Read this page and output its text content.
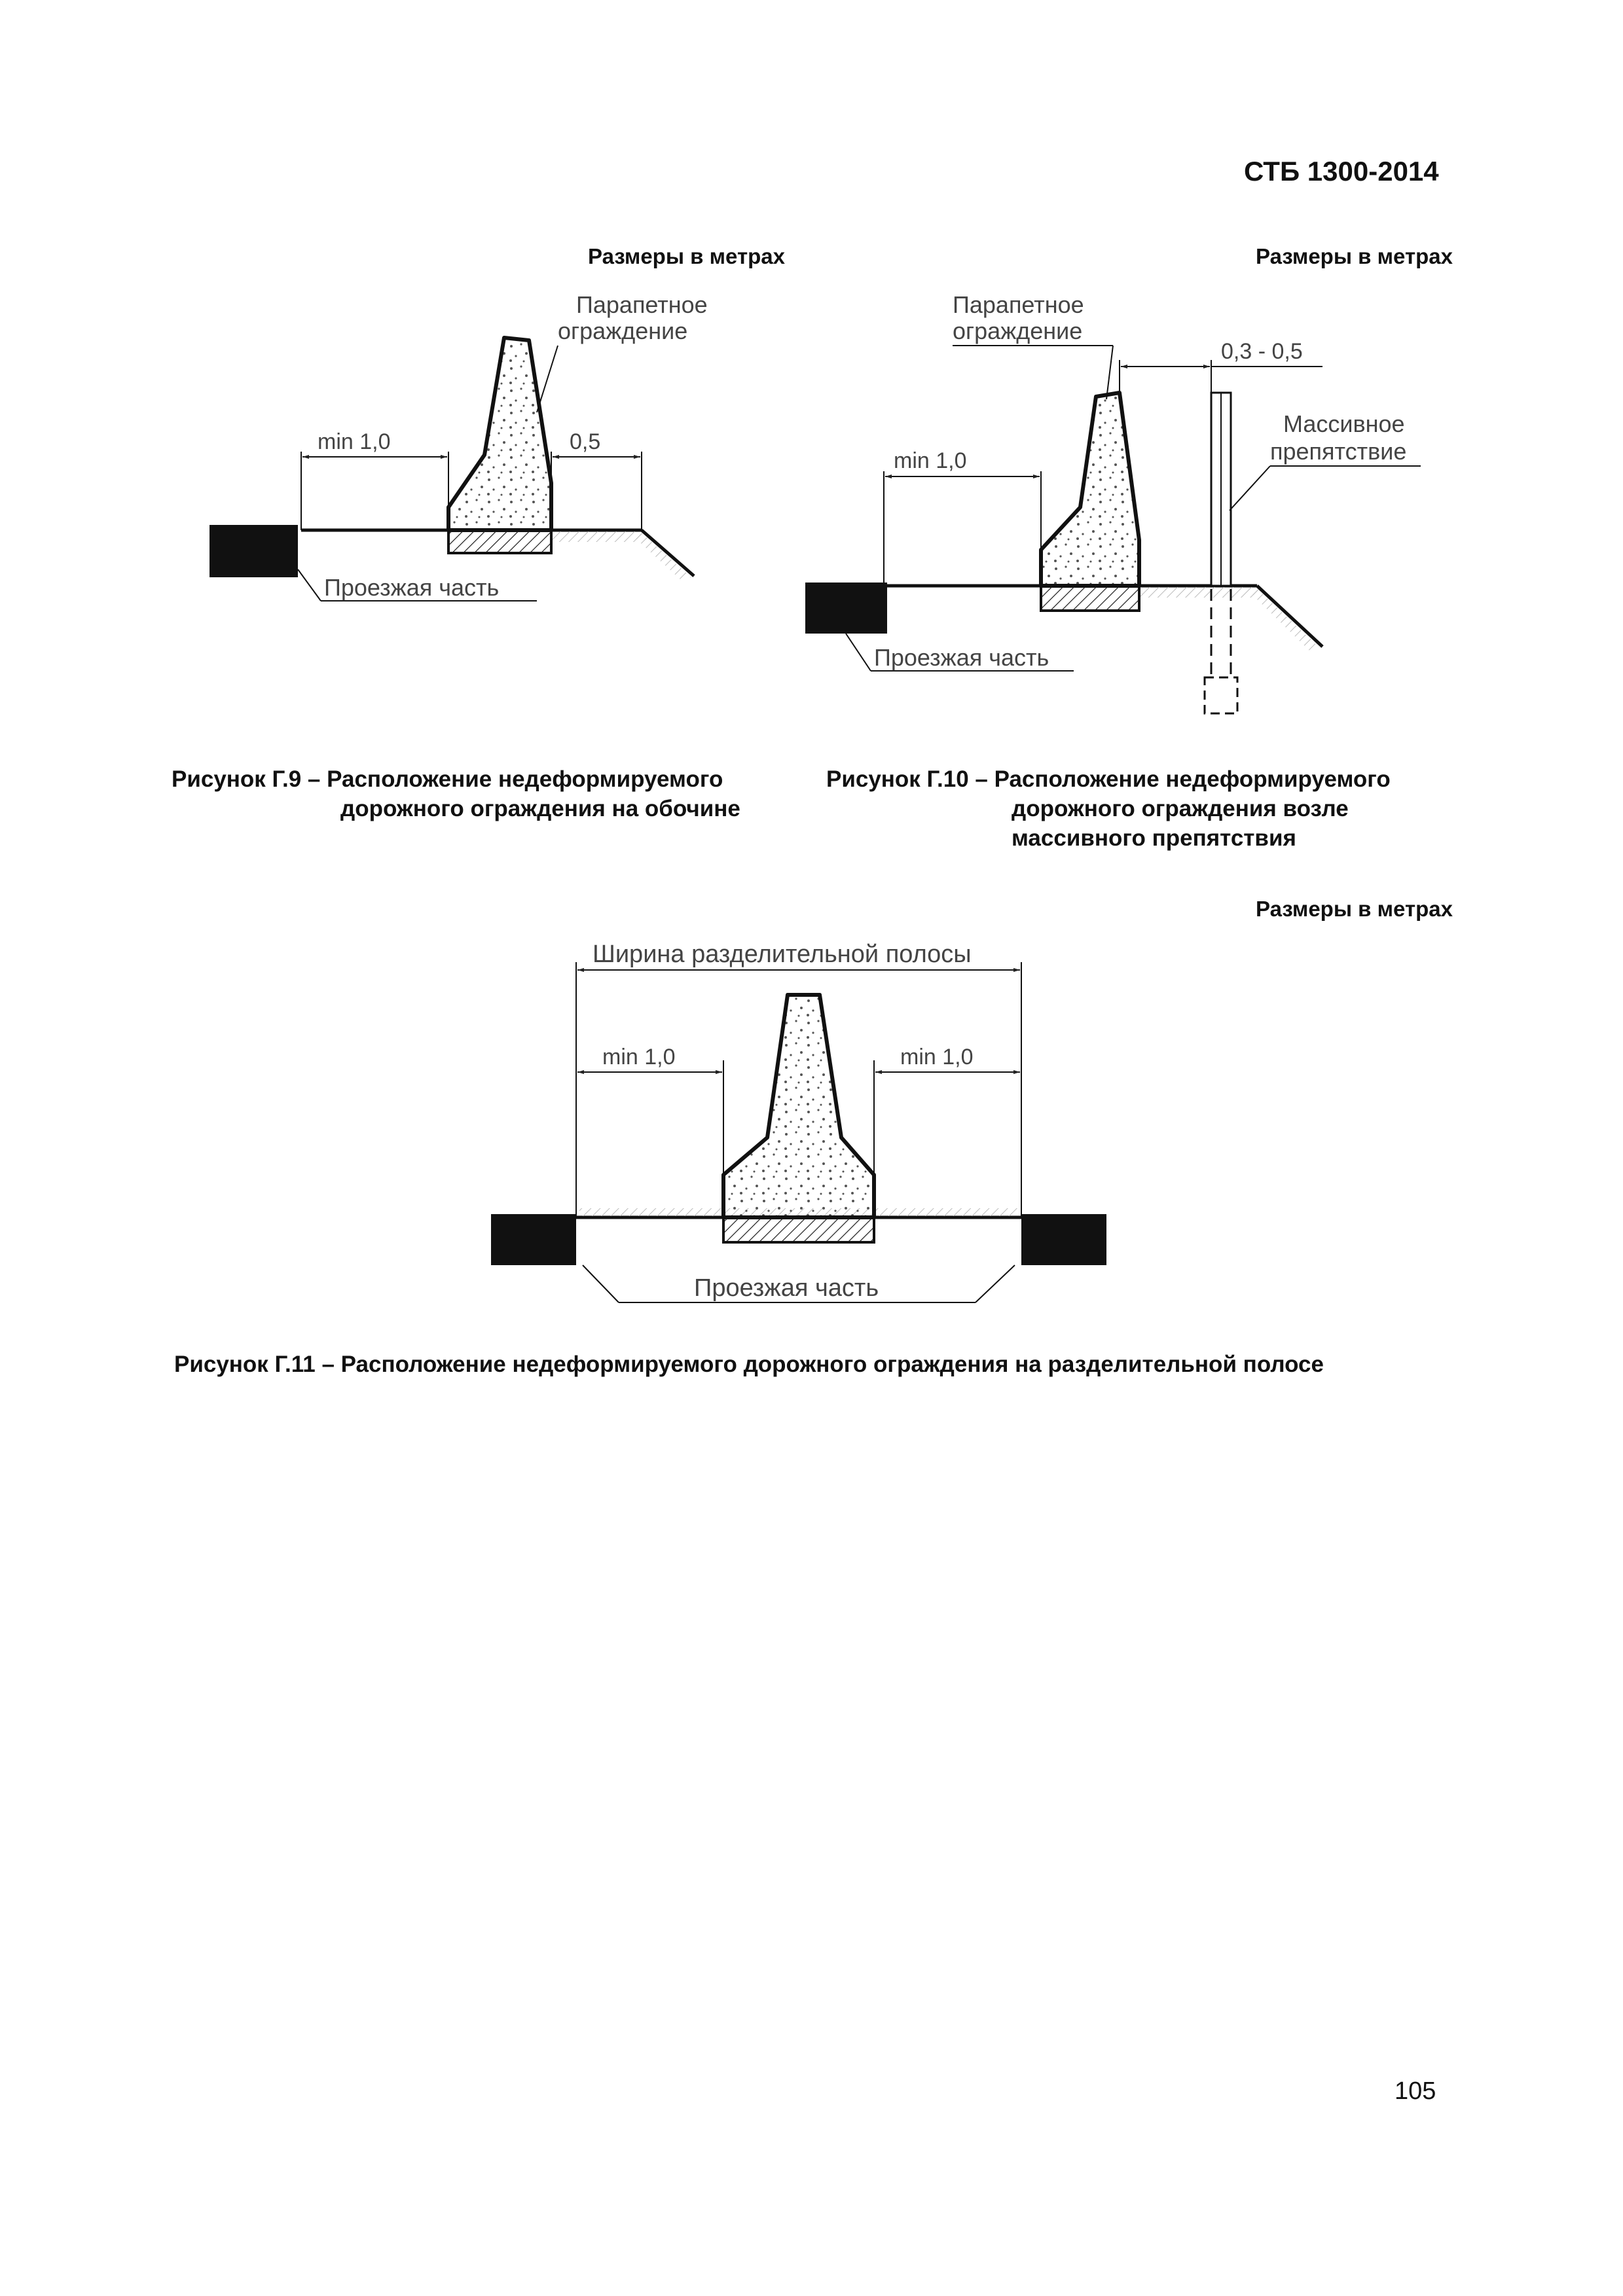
СТБ 1300-2014
Размеры в метрах	Размеры в метрах
Размеры в метрах
min 1,0	0,5
Парапетное
ограждение
Проезжая часть
min 1,0
0,3 - 0,5
Парапетное
ограждение
Массивное
препятствие
Проезжая часть
Рисунок Г.9 – Расположение недеформируемого
дорожного ограждения на обочине
Рисунок Г.10 – Расположение недеформируемого
дорожного ограждения возле
массивного препятствия
Ширина разделительной полосы
min 1,0	min 1,0
Проезжая часть
Рисунок Г.11 – Расположение недеформируемого дорожного ограждения на разделительной полосе
105
